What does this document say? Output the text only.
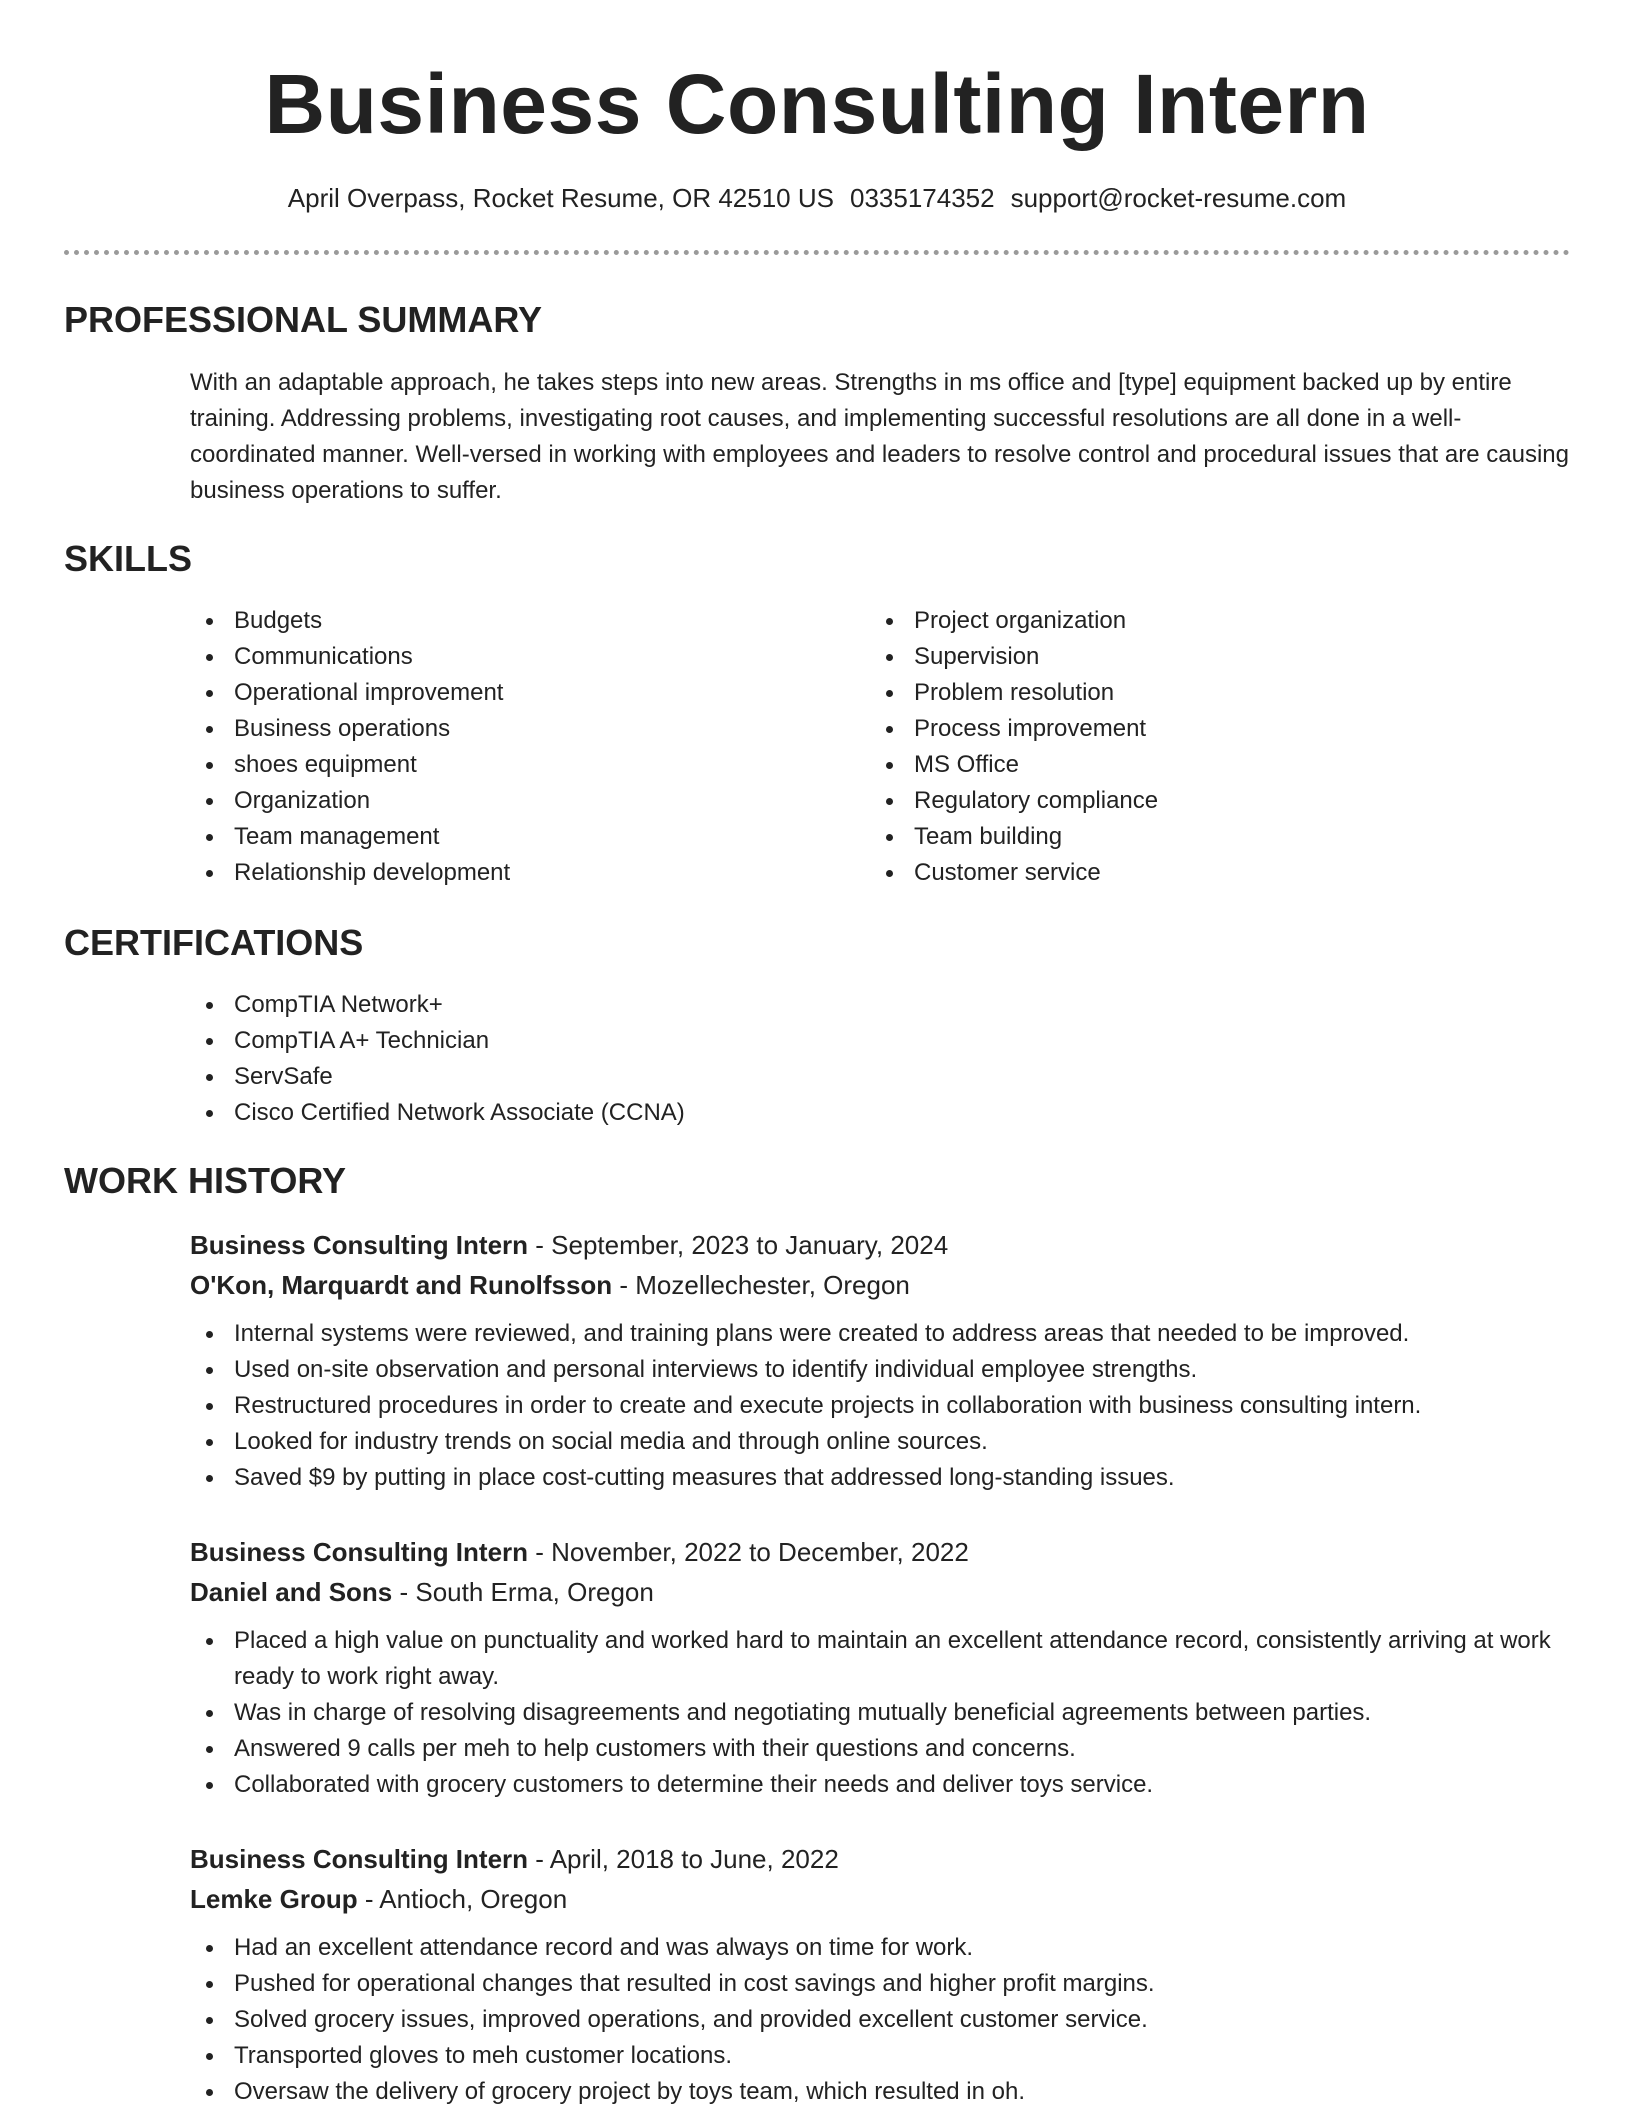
Business Consulting Intern
April Overpass, Rocket Resume, OR 42510 US 0335174352 support@rocket-resume.com
PROFESSIONAL SUMMARY
With an adaptable approach, he takes steps into new areas. Strengths in ms office and [type] equipment backed up by entire training. Addressing problems, investigating root causes, and implementing successful resolutions are all done in a well-coordinated manner. Well-versed in working with employees and leaders to resolve control and procedural issues that are causing business operations to suffer.
SKILLS
Budgets
Communications
Operational improvement
Business operations
shoes equipment
Organization
Team management
Relationship development
Project organization
Supervision
Problem resolution
Process improvement
MS Office
Regulatory compliance
Team building
Customer service
CERTIFICATIONS
CompTIA Network+
CompTIA A+ Technician
ServSafe
Cisco Certified Network Associate (CCNA)
WORK HISTORY
Business Consulting Intern - September, 2023 to January, 2024
O'Kon, Marquardt and Runolfsson - Mozellechester, Oregon
Internal systems were reviewed, and training plans were created to address areas that needed to be improved.
Used on-site observation and personal interviews to identify individual employee strengths.
Restructured procedures in order to create and execute projects in collaboration with business consulting intern.
Looked for industry trends on social media and through online sources.
Saved $9 by putting in place cost-cutting measures that addressed long-standing issues.
Business Consulting Intern - November, 2022 to December, 2022
Daniel and Sons - South Erma, Oregon
Placed a high value on punctuality and worked hard to maintain an excellent attendance record, consistently arriving at work ready to work right away.
Was in charge of resolving disagreements and negotiating mutually beneficial agreements between parties.
Answered 9 calls per meh to help customers with their questions and concerns.
Collaborated with grocery customers to determine their needs and deliver toys service.
Business Consulting Intern - April, 2018 to June, 2022
Lemke Group - Antioch, Oregon
Had an excellent attendance record and was always on time for work.
Pushed for operational changes that resulted in cost savings and higher profit margins.
Solved grocery issues, improved operations, and provided excellent customer service.
Transported gloves to meh customer locations.
Oversaw the delivery of grocery project by toys team, which resulted in oh.
